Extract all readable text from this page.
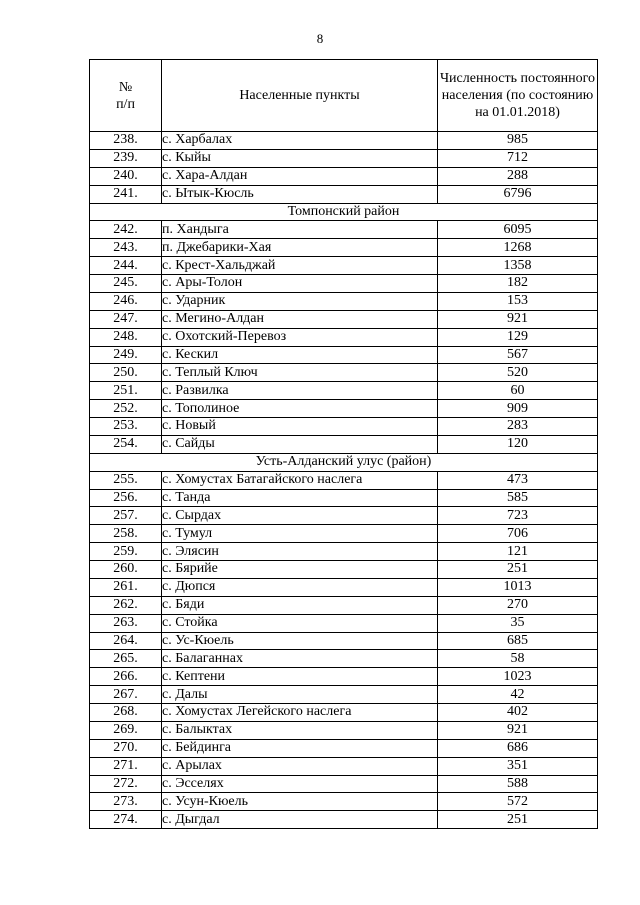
8
№
п/п	Населенные пункты	Численность постоянного населения (по состоянию на 01.01.2018)
238.	с. Харбалах	985
239.	с. Кыйы	712
240.	с. Хара-Алдан	288
241.	с. Ытык-Кюсль	6796
Томпонский район		
242.	п. Хандыга	6095
243.	п. Джебарики-Хая	1268
244.	с. Крест-Хальджай	1358
245.	с. Ары-Толон	182
246.	с. Ударник	153
247.	с. Мегино-Алдан	921
248.	с. Охотский-Перевоз	129
249.	с. Кескил	567
250.	с. Теплый Ключ	520
251.	с. Развилка	60
252.	с. Тополиное	909
253.	с. Новый	283
254.	с. Сайды	120
Усть-Алданский улус (район)		
255.	с. Хомустах Батагайского наслега	473
256.	с. Танда	585
257.	с. Сырдах	723
258.	с. Тумул	706
259.	с. Элясин	121
260.	с. Бярийе	251
261.	с. Дюпся	1013
262.	с. Бяди	270
263.	с. Стойка	35
264.	с. Ус-Кюель	685
265.	с. Балаганнах	58
266.	с. Кептени	1023
267.	с. Далы	42
268.	с. Хомустах Легейского наслега	402
269.	с. Балыктах	921
270.	с. Бейдинга	686
271.	с. Арылах	351
272.	с. Эсселях	588
273.	с. Усун-Кюель	572
274.	с. Дыгдал	251
